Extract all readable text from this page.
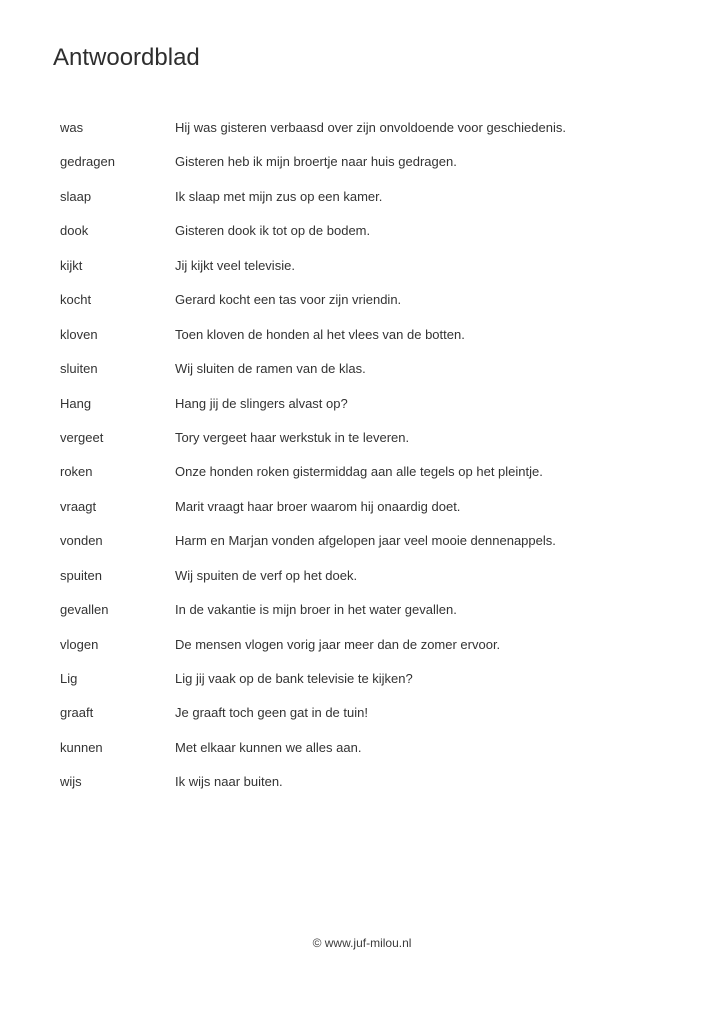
Antwoordblad
was	Hij was gisteren verbaasd over zijn onvoldoende voor geschiedenis.
gedragen	Gisteren heb ik mijn broertje naar huis gedragen.
slaap	Ik slaap met mijn zus op een kamer.
dook	Gisteren dook ik tot op de bodem.
kijkt	Jij kijkt veel televisie.
kocht	Gerard kocht een tas voor zijn vriendin.
kloven	Toen kloven de honden al het vlees van de botten.
sluiten	Wij sluiten de ramen van de klas.
Hang	Hang jij de slingers alvast op?
vergeet	Tory vergeet haar werkstuk in te leveren.
roken	Onze honden roken gistermiddag aan alle tegels op het pleintje.
vraagt	Marit vraagt haar broer waarom hij onaardig doet.
vonden	Harm en Marjan vonden afgelopen jaar veel mooie dennenappels.
spuiten	Wij spuiten de verf op het doek.
gevallen	In de vakantie is mijn broer in het water gevallen.
vlogen	De mensen vlogen vorig jaar meer dan de zomer ervoor.
Lig	Lig jij vaak op de bank televisie te kijken?
graaft	Je graaft toch geen gat in de tuin!
kunnen	Met elkaar kunnen we alles aan.
wijs	Ik wijs naar buiten.
© www.juf-milou.nl
